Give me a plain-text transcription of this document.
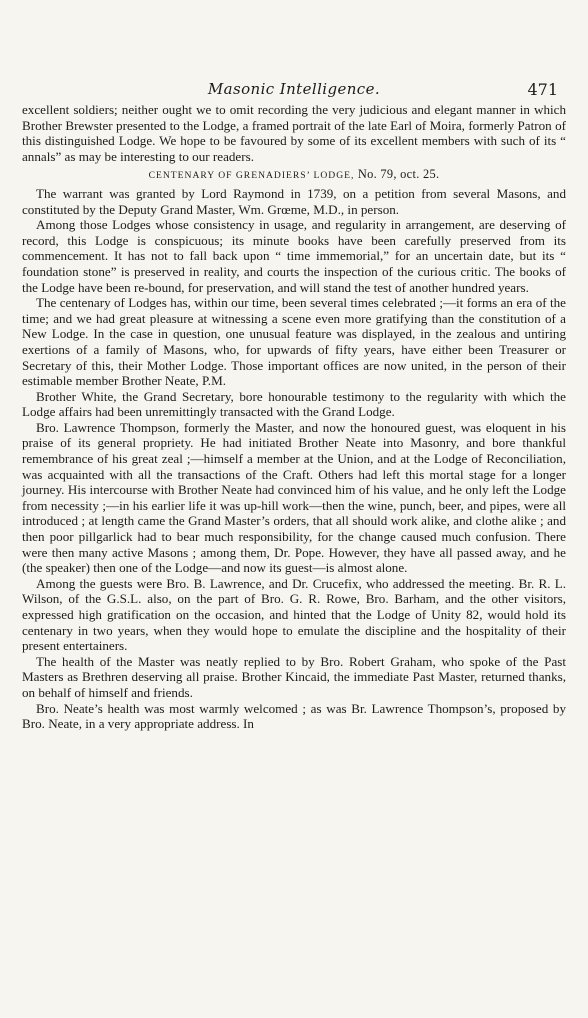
Masonic Intelligence.	471

excellent soldiers; neither ought we to omit recording the very judicious and elegant manner in which Brother Brewster presented to the Lodge, a framed portrait of the late Earl of Moira, formerly Patron of this distinguished Lodge. We hope to be favoured by some of its excellent members with such of its “ annals” as may be interesting to our readers.

CENTENARY OF GRENADIERS’ LODGE, No. 79, oct. 25.

The warrant was granted by Lord Raymond in 1739, on a petition from several Masons, and constituted by the Deputy Grand Master, Wm. Grœme, M.D., in person.

Among those Lodges whose consistency in usage, and regularity in arrangement, are deserving of record, this Lodge is conspicuous; its minute books have been carefully preserved from its commencement. It has not to fall back upon “ time immemorial,” for an uncertain date, but its “ foundation stone” is preserved in reality, and courts the inspection of the curious critic. The books of the Lodge have been re-bound, for preservation, and will stand the test of another hundred years.

The centenary of Lodges has, within our time, been several times celebrated ;—it forms an era of the time; and we had great pleasure at witnessing a scene even more gratifying than the constitution of a New Lodge. In the case in question, one unusual feature was displayed, in the zealous and untiring exertions of a family of Masons, who, for upwards of fifty years, have either been Treasurer or Secretary of this, their Mother Lodge. Those important offices are now united, in the person of their estimable member Brother Neate, P.M.

Brother White, the Grand Secretary, bore honourable testimony to the regularity with which the Lodge affairs had been unremittingly transacted with the Grand Lodge.

Bro. Lawrence Thompson, formerly the Master, and now the honoured guest, was eloquent in his praise of its general propriety. He had initiated Brother Neate into Masonry, and bore thankful remembrance of his great zeal ;—himself a member at the Union, and at the Lodge of Reconciliation, was acquainted with all the transactions of the Craft. Others had left this mortal stage for a longer journey. His intercourse with Brother Neate had convinced him of his value, and he only left the Lodge from necessity ;—in his earlier life it was up-hill work—then the wine, punch, beer, and pipes, were all introduced ; at length came the Grand Master’s orders, that all should work alike, and clothe alike ; and then poor pillgarlick had to bear much responsibility, for the change caused much confusion. There were then many active Masons ; among them, Dr. Pope. However, they have all passed away, and he (the speaker) then one of the Lodge—and now its guest—is almost alone.

Among the guests were Bro. B. Lawrence, and Dr. Crucefix, who addressed the meeting. Br. R. L. Wilson, of the G.S.L. also, on the part of Bro. G. R. Rowe, Bro. Barham, and the other visitors, expressed high gratification on the occasion, and hinted that the Lodge of Unity 82, would hold its centenary in two years, when they would hope to emulate the discipline and the hospitality of their present entertainers.

The health of the Master was neatly replied to by Bro. Robert Graham, who spoke of the Past Masters as Brethren deserving all praise. Brother Kincaid, the immediate Past Master, returned thanks, on behalf of himself and friends.

Bro. Neate’s health was most warmly welcomed ; as was Br. Lawrence Thompson’s, proposed by Bro. Neate, in a very appropriate address. In
